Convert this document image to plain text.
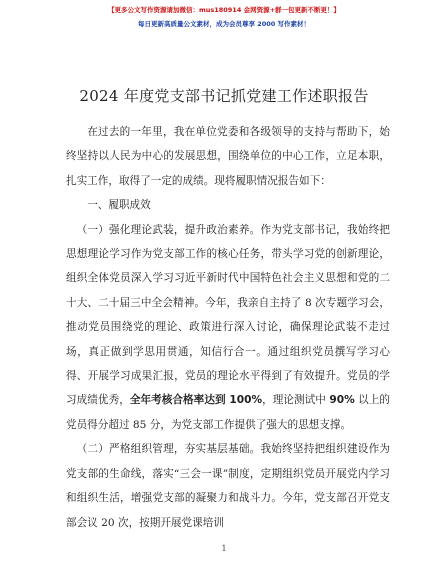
【更多公文写作资源请加微信：mus180914 金网资源+群一包更新不断更！】
每日更新高质量公文素材，成为会员尊享 2000 写作素材！
2024 年度党支部书记抓党建工作述职报告

在过去的一年里，我在单位党委和各级领导的支持与帮助下，始终坚持以人民为中心的发展思想，围绕单位的中心工作，立足本职，扎实工作，取得了一定的成绩。现将履职情况报告如下：

一、履职成效

（一）强化理论武装，提升政治素养。作为党支部书记，我始终把思想理论学习作为党支部工作的核心任务，带头学习党的创新理论，组织全体党员深入学习习近平新时代中国特色社会主义思想和党的二十大、二十届三中全会精神。今年，我亲自主持了 8 次专题学习会，推动党员围绕党的理论、政策进行深入讨论，确保理论武装不走过场，真正做到学思用贯通，知信行合一。通过组织党员撰写学习心得、开展学习成果汇报，党员的理论水平得到了有效提升。党员的学习成绩优秀，全年考核合格率达到 100%，理论测试中 90% 以上的党员得分超过 85 分，为党支部工作提供了强大的思想支撑。

（二）严格组织管理，夯实基层基础。我始终坚持把组织建设作为党支部的生命线，落实“三会一课”制度，定期组织党员开展党内学习和组织生活，增强党支部的凝聚力和战斗力。今年，党支部召开党支部会议 20 次，按期开展党课培训

1
